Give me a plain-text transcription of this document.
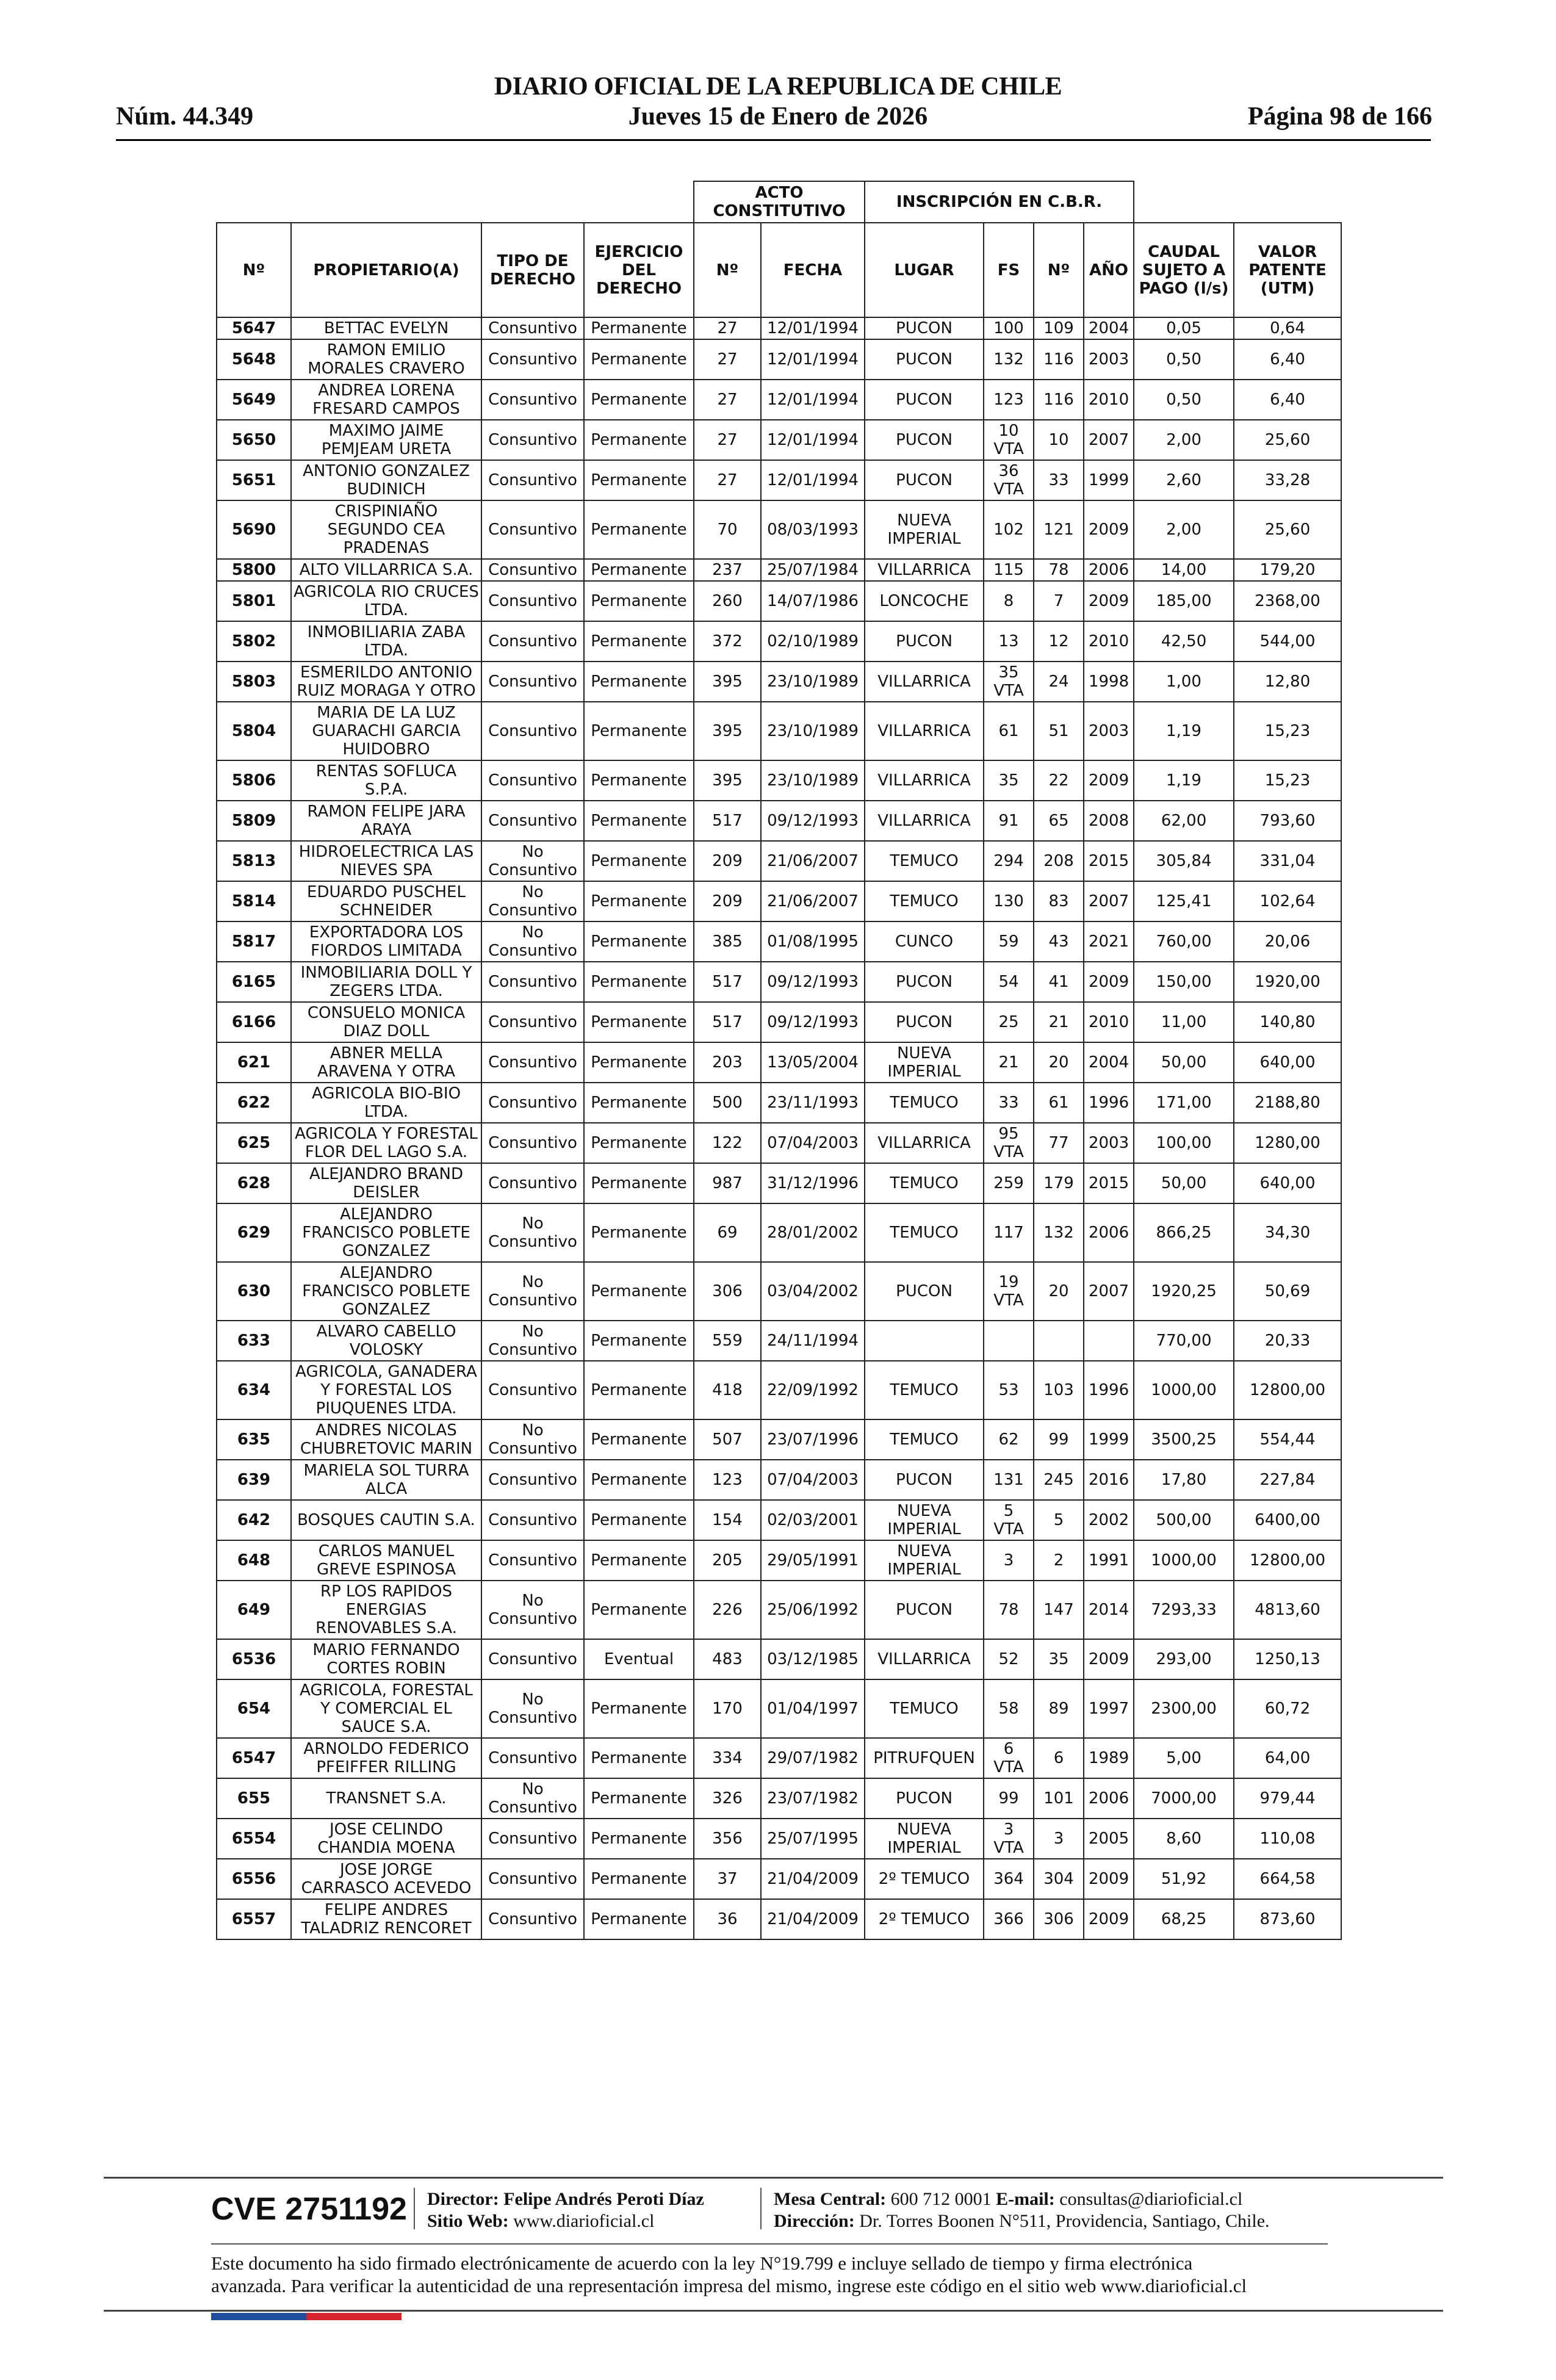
DIARIO OFICIAL DE LA REPUBLICA DE CHILE
Núm. 44.349	Jueves 15 de Enero de 2026	Página 98 de 166
				ACTO CONSTITUTIVO		INSCRIPCIÓN EN C.B.R.					
Nº	PROPIETARIO(A)	TIPO DE DERECHO	EJERCICIO DEL DERECHO	Nº	FECHA	LUGAR	FS	Nº	AÑO	CAUDAL SUJETO A PAGO (l/s)	VALOR PATENTE (UTM)
5647	BETTAC EVELYN	Consuntivo	Permanente	27	12/01/1994	PUCON	100	109	2004	0,05	0,64
5648	RAMON EMILIO MORALES CRAVERO	Consuntivo	Permanente	27	12/01/1994	PUCON	132	116	2003	0,50	6,40
5649	ANDREA LORENA FRESARD CAMPOS	Consuntivo	Permanente	27	12/01/1994	PUCON	123	116	2010	0,50	6,40
5650	MAXIMO JAIME PEMJEAM URETA	Consuntivo	Permanente	27	12/01/1994	PUCON	10 VTA	10	2007	2,00	25,60
5651	ANTONIO GONZALEZ BUDINICH	Consuntivo	Permanente	27	12/01/1994	PUCON	36 VTA	33	1999	2,60	33,28
5690	CRISPINIAÑO SEGUNDO CEA PRADENAS	Consuntivo	Permanente	70	08/03/1993	NUEVA IMPERIAL	102	121	2009	2,00	25,60
5800	ALTO VILLARRICA S.A.	Consuntivo	Permanente	237	25/07/1984	VILLARRICA	115	78	2006	14,00	179,20
5801	AGRICOLA RIO CRUCES LTDA.	Consuntivo	Permanente	260	14/07/1986	LONCOCHE	8	7	2009	185,00	2368,00
5802	INMOBILIARIA ZABA LTDA.	Consuntivo	Permanente	372	02/10/1989	PUCON	13	12	2010	42,50	544,00
5803	ESMERILDO ANTONIO RUIZ MORAGA Y OTRO	Consuntivo	Permanente	395	23/10/1989	VILLARRICA	35 VTA	24	1998	1,00	12,80
5804	MARIA DE LA LUZ GUARACHI GARCIA HUIDOBRO	Consuntivo	Permanente	395	23/10/1989	VILLARRICA	61	51	2003	1,19	15,23
5806	RENTAS SOFLUCA S.P.A.	Consuntivo	Permanente	395	23/10/1989	VILLARRICA	35	22	2009	1,19	15,23
5809	RAMON FELIPE JARA ARAYA	Consuntivo	Permanente	517	09/12/1993	VILLARRICA	91	65	2008	62,00	793,60
5813	HIDROELECTRICA LAS NIEVES SPA	No Consuntivo	Permanente	209	21/06/2007	TEMUCO	294	208	2015	305,84	331,04
5814	EDUARDO PUSCHEL SCHNEIDER	No Consuntivo	Permanente	209	21/06/2007	TEMUCO	130	83	2007	125,41	102,64
5817	EXPORTADORA LOS FIORDOS LIMITADA	No Consuntivo	Permanente	385	01/08/1995	CUNCO	59	43	2021	760,00	20,06
6165	INMOBILIARIA DOLL Y ZEGERS LTDA.	Consuntivo	Permanente	517	09/12/1993	PUCON	54	41	2009	150,00	1920,00
6166	CONSUELO MONICA DIAZ DOLL	Consuntivo	Permanente	517	09/12/1993	PUCON	25	21	2010	11,00	140,80
621	ABNER MELLA ARAVENA Y OTRA	Consuntivo	Permanente	203	13/05/2004	NUEVA IMPERIAL	21	20	2004	50,00	640,00
622	AGRICOLA BIO-BIO LTDA.	Consuntivo	Permanente	500	23/11/1993	TEMUCO	33	61	1996	171,00	2188,80
625	AGRICOLA Y FORESTAL FLOR DEL LAGO S.A.	Consuntivo	Permanente	122	07/04/2003	VILLARRICA	95 VTA	77	2003	100,00	1280,00
628	ALEJANDRO BRAND DEISLER	Consuntivo	Permanente	987	31/12/1996	TEMUCO	259	179	2015	50,00	640,00
629	ALEJANDRO FRANCISCO POBLETE GONZALEZ	No Consuntivo	Permanente	69	28/01/2002	TEMUCO	117	132	2006	866,25	34,30
630	ALEJANDRO FRANCISCO POBLETE GONZALEZ	No Consuntivo	Permanente	306	03/04/2002	PUCON	19 VTA	20	2007	1920,25	50,69
633	ALVARO CABELLO VOLOSKY	No Consuntivo	Permanente	559	24/11/1994					770,00	20,33
634	AGRICOLA, GANADERA Y FORESTAL LOS PIUQUENES LTDA.	Consuntivo	Permanente	418	22/09/1992	TEMUCO	53	103	1996	1000,00	12800,00
635	ANDRES NICOLAS CHUBRETOVIC MARIN	No Consuntivo	Permanente	507	23/07/1996	TEMUCO	62	99	1999	3500,25	554,44
639	MARIELA SOL TURRA ALCA	Consuntivo	Permanente	123	07/04/2003	PUCON	131	245	2016	17,80	227,84
642	BOSQUES CAUTIN S.A.	Consuntivo	Permanente	154	02/03/2001	NUEVA IMPERIAL	5 VTA	5	2002	500,00	6400,00
648	CARLOS MANUEL GREVE ESPINOSA	Consuntivo	Permanente	205	29/05/1991	NUEVA IMPERIAL	3	2	1991	1000,00	12800,00
649	RP LOS RAPIDOS ENERGIAS RENOVABLES S.A.	No Consuntivo	Permanente	226	25/06/1992	PUCON	78	147	2014	7293,33	4813,60
6536	MARIO FERNANDO CORTES ROBIN	Consuntivo	Eventual	483	03/12/1985	VILLARRICA	52	35	2009	293,00	1250,13
654	AGRICOLA, FORESTAL Y COMERCIAL EL SAUCE S.A.	No Consuntivo	Permanente	170	01/04/1997	TEMUCO	58	89	1997	2300,00	60,72
6547	ARNOLDO FEDERICO PFEIFFER RILLING	Consuntivo	Permanente	334	29/07/1982	PITRUFQUEN	6 VTA	6	1989	5,00	64,00
655	TRANSNET S.A.	No Consuntivo	Permanente	326	23/07/1982	PUCON	99	101	2006	7000,00	979,44
6554	JOSE CELINDO CHANDIA MOENA	Consuntivo	Permanente	356	25/07/1995	NUEVA IMPERIAL	3 VTA	3	2005	8,60	110,08
6556	JOSE JORGE CARRASCO ACEVEDO	Consuntivo	Permanente	37	21/04/2009	2º TEMUCO	364	304	2009	51,92	664,58
6557	FELIPE ANDRES TALADRIZ RENCORET	Consuntivo	Permanente	36	21/04/2009	2º TEMUCO	366	306	2009	68,25	873,60
CVE 2751192 Director: Felipe Andrés Peroti Díaz
Sitio Web: www.diarioficial.cl
Mesa Central: 600 712 0001 E-mail: consultas@diarioficial.cl
Dirección: Dr. Torres Boonen N°511, Providencia, Santiago, Chile.
Este documento ha sido firmado electrónicamente de acuerdo con la ley N°19.799 e incluye sellado de tiempo y firma electrónica
avanzada. Para verificar la autenticidad de una representación impresa del mismo, ingrese este código en el sitio web www.diarioficial.cl
